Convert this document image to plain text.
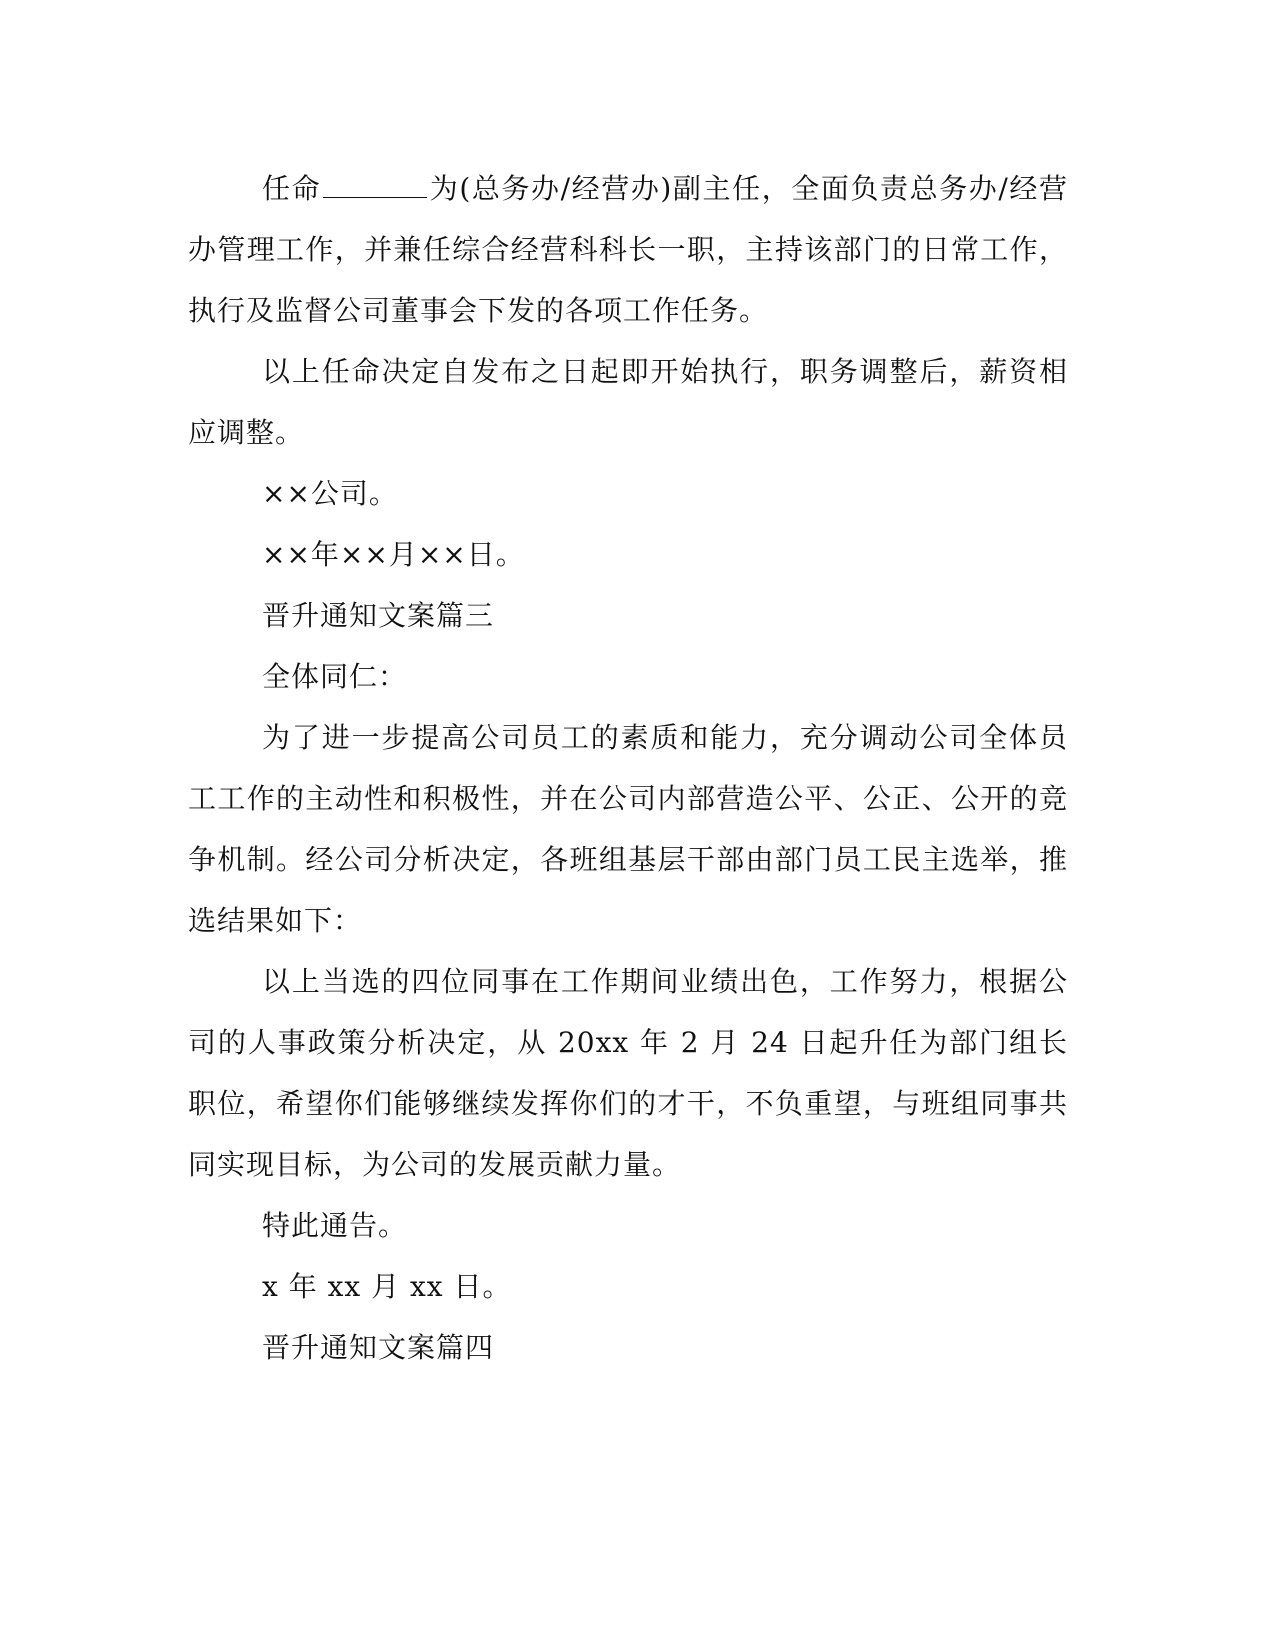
任命	为(总务办/经营办)副主任，全面负责总务办/经营办管理工作，并兼任综合经营科科长一职，主持该部门的日常工作，执行及监督公司董事会下发的各项工作任务。

以上任命决定自发布之日起即开始执行，职务调整后，薪资相应调整。

××公司。

××年××月××日。

晋升通知文案篇三

全体同仁：

为了进一步提高公司员工的素质和能力，充分调动公司全体员工工作的主动性和积极性，并在公司内部营造公平、公正、公开的竞争机制。经公司分析决定，各班组基层干部由部门员工民主选举，推选结果如下：

以上当选的四位同事在工作期间业绩出色，工作努力，根据公司的人事政策分析决定，从 20xx 年 2 月 24 日起升任为部门组长职位，希望你们能够继续发挥你们的才干，不负重望，与班组同事共同实现目标，为公司的发展贡献力量。

特此通告。

x 年 xx 月 xx 日。

晋升通知文案篇四
